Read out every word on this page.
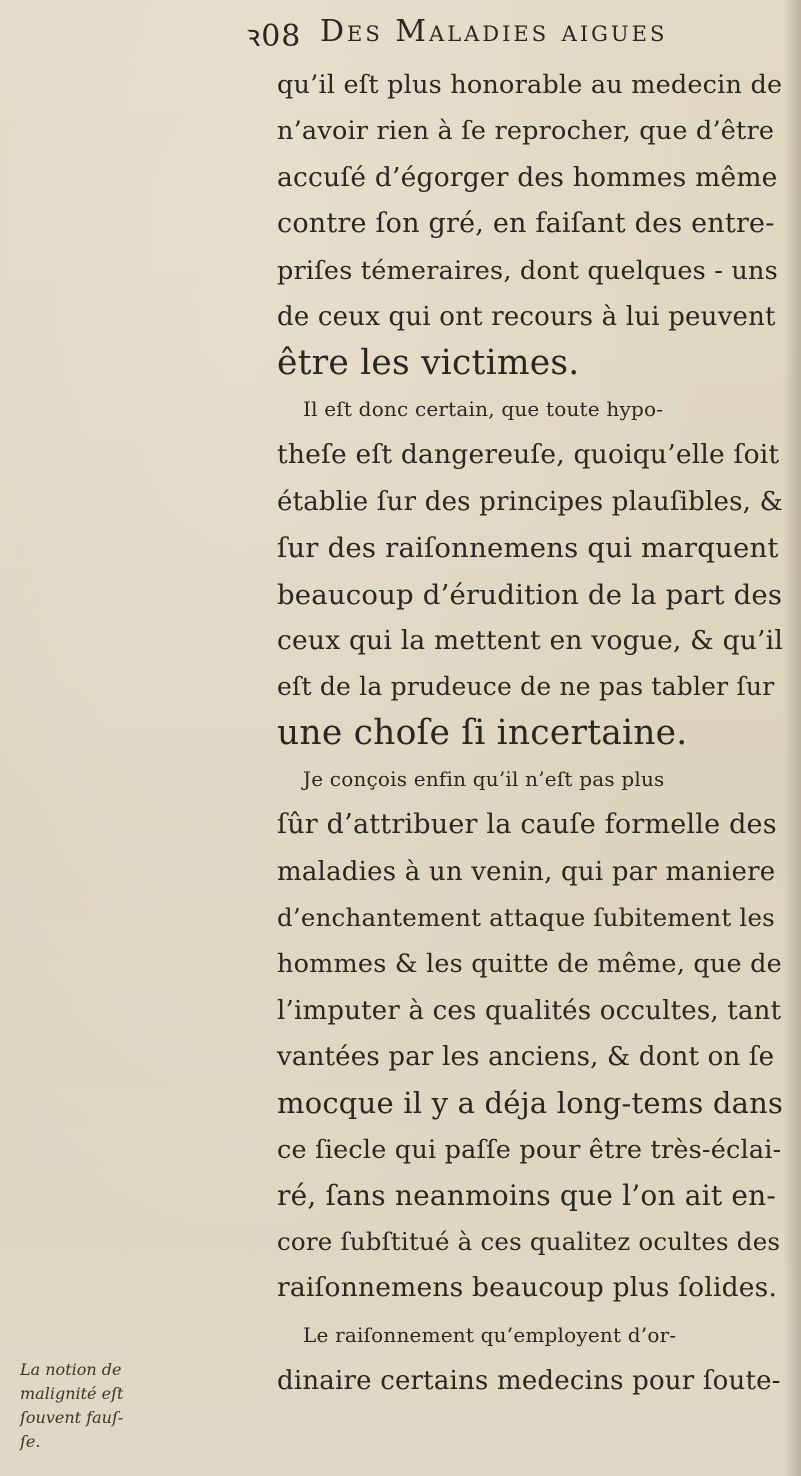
ꝛ08 Des Maladies aigues
qu’il eſt plus honorable au medecin de
n’avoir rien à ſe reprocher, que d’être
accuſé d’égorger des hommes même
contre ſon gré, en faiſant des entre-
priſes témeraires, dont quelques - uns
de ceux qui ont recours à lui peuvent
être les victimes.
Il eſt donc certain, que toute hypo-
theſe eſt dangereuſe, quoiqu’elle ſoit
établie ſur des principes plauſibles, &
ſur des raiſonnemens qui marquent
beaucoup d’érudition de la part des
ceux qui la mettent en vogue, & qu’il
eſt de la prudeuce de ne pas tabler ſur
une choſe ſi incertaine.
Je conçois enfin qu’il n’eſt pas plus
ſûr d’attribuer la cauſe formelle des
maladies à un venin, qui par maniere
d’enchantement attaque ſubitement les
hommes & les quitte de même, que de
l’imputer à ces qualités occultes, tant
vantées par les anciens, & dont on ſe
mocque il y a déja long-tems dans
ce ſiecle qui paſſe pour être très-éclai-
ré, ſans neanmoins que l’on ait en-
core ſubſtitué à ces qualitez ocultes des
raiſonnemens beaucoup plus ſolides.
Le raiſonnement qu’employent d’or-
dinaire certains medecins pour ſoute-
La notion de
malignité eſt
ſouvent fauſ-
ſe.
